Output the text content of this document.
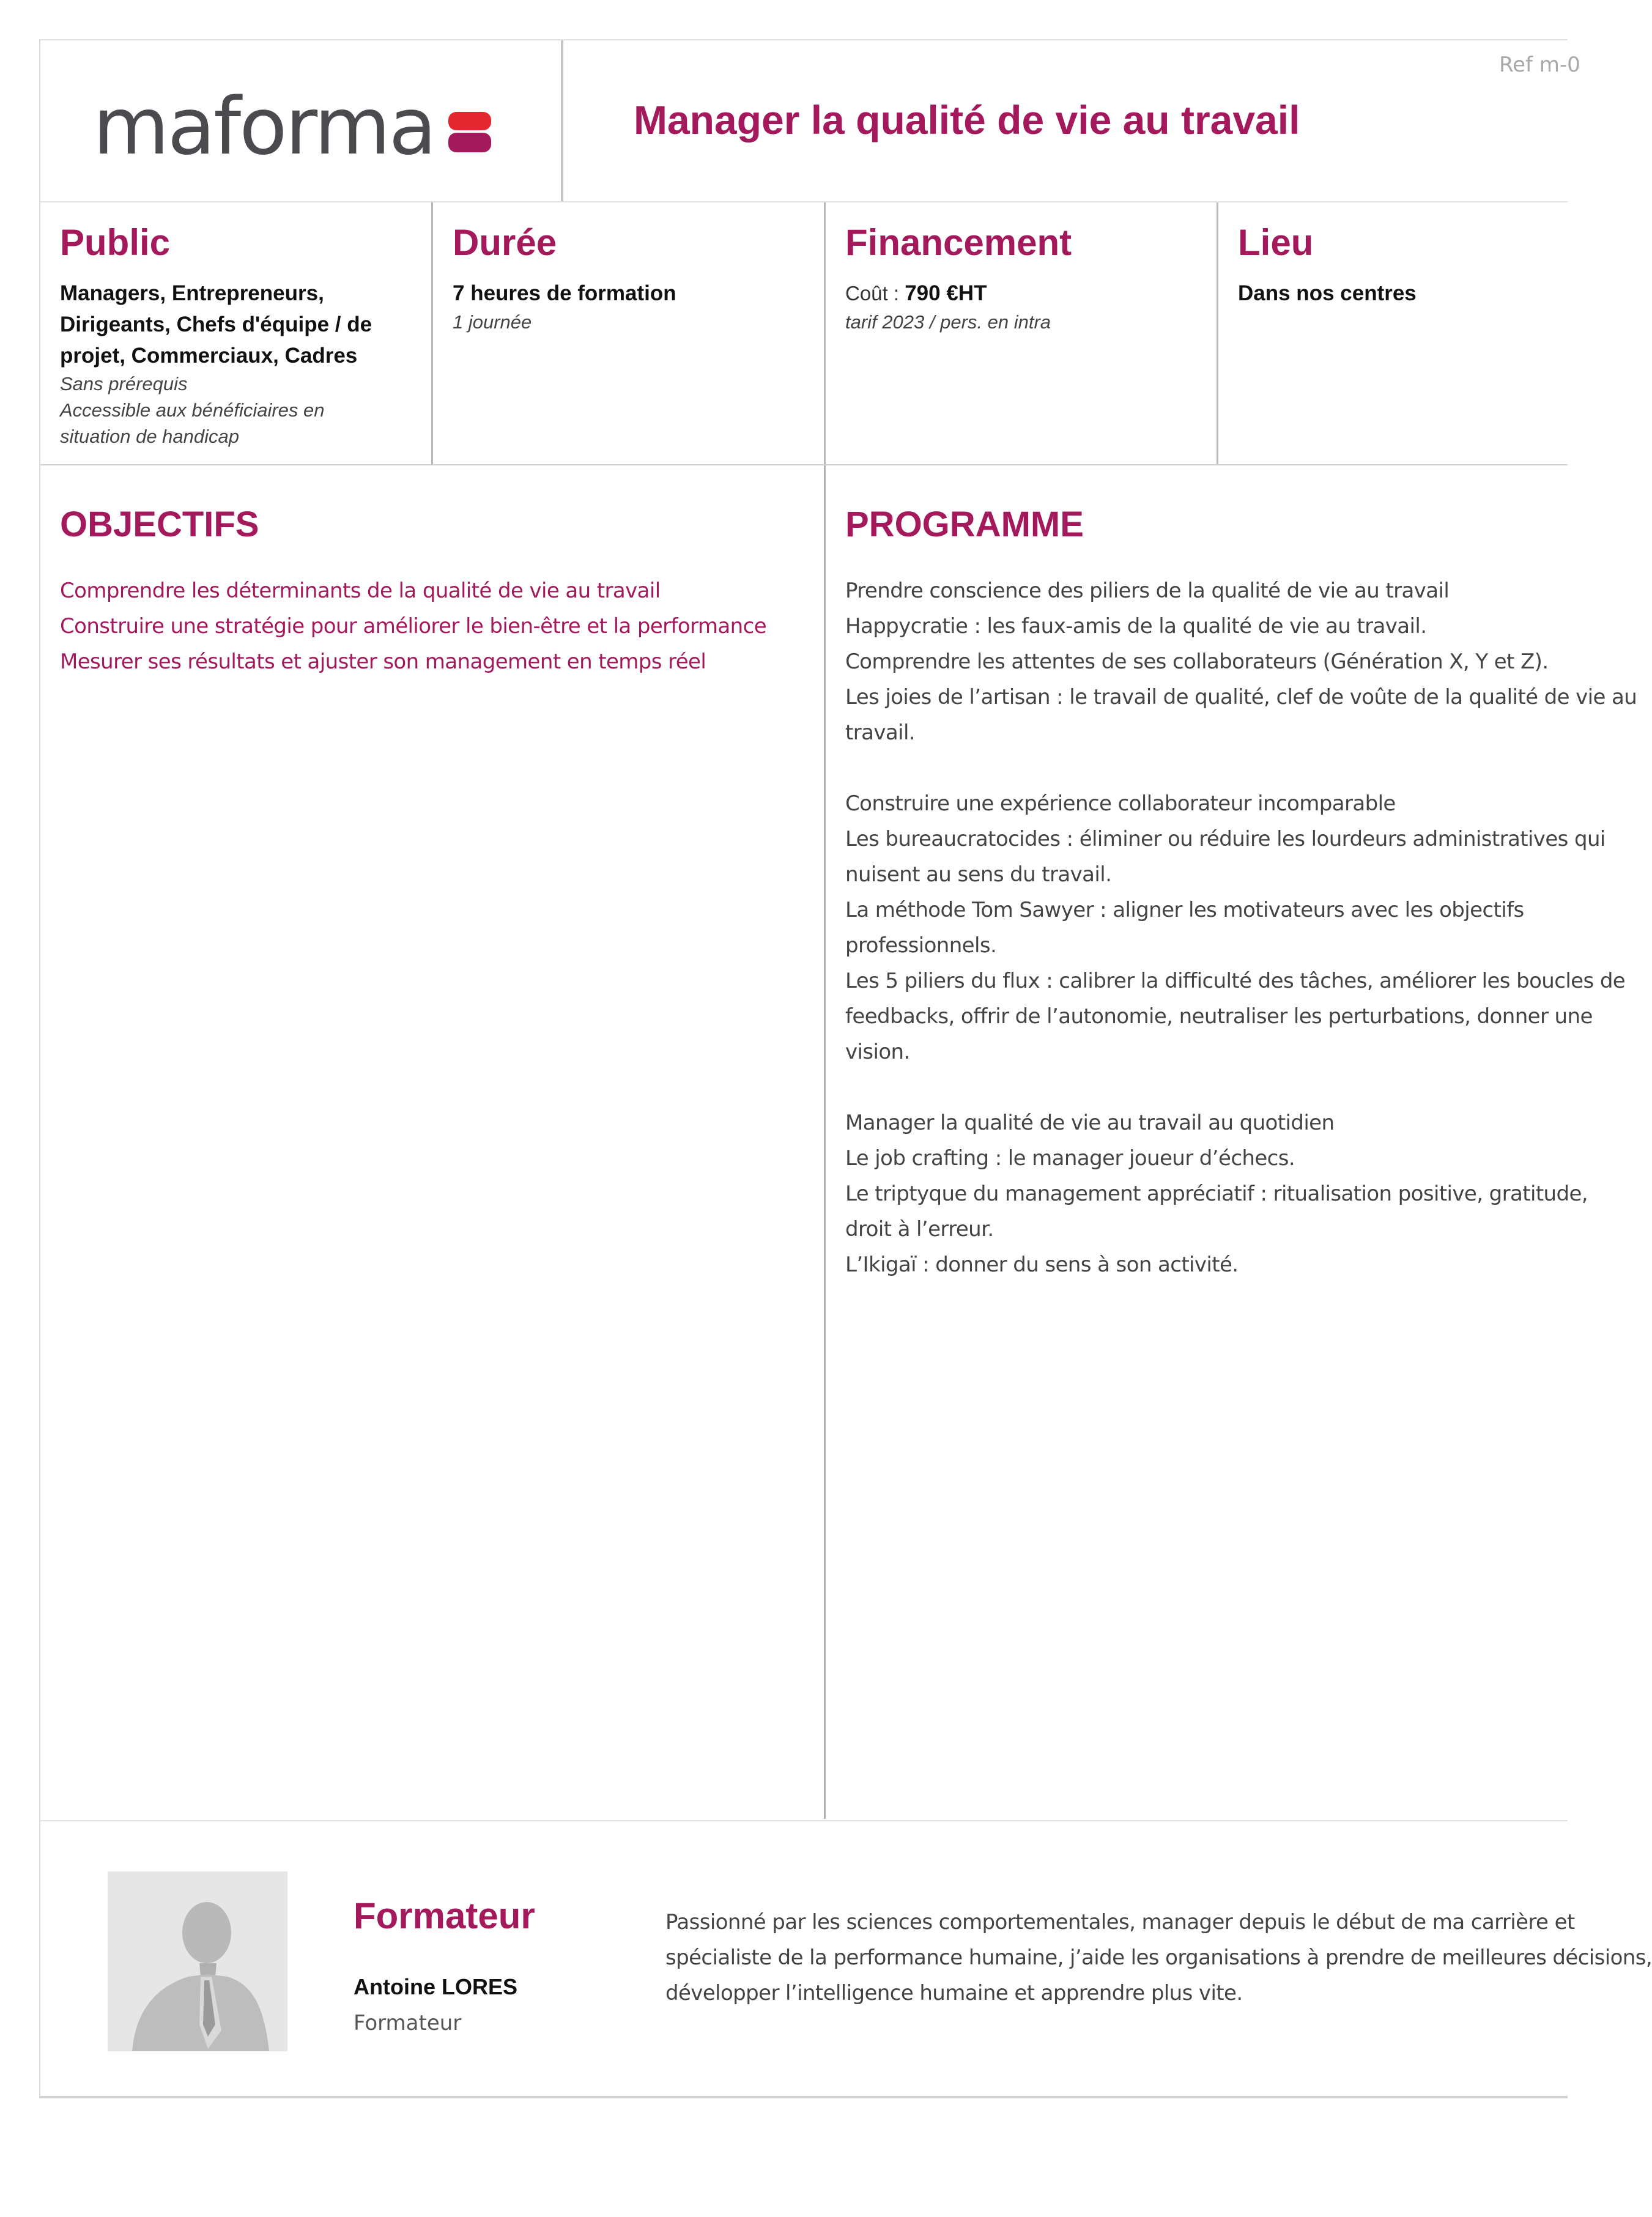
maforma	Manager la qualité de vie au travail
Ref m-0
Public
Managers, Entrepreneurs,
Dirigeants, Chefs d'équipe / de
projet, Commerciaux, Cadres
Sans prérequis
Accessible aux bénéficiaires en
situation de handicap
Durée
7 heures de formation
1 journée
Financement
Coût : 790 €HT
tarif 2023 / pers. en intra
Lieu
Dans nos centres
OBJECTIFS
Comprendre les déterminants de la qualité de vie au travail
Construire une stratégie pour améliorer le bien-être et la performance
Mesurer ses résultats et ajuster son management en temps réel
PROGRAMME
Prendre conscience des piliers de la qualité de vie au travail
Happycratie : les faux-amis de la qualité de vie au travail.
Comprendre les attentes de ses collaborateurs (Génération X, Y et Z).
Les joies de l’artisan : le travail de qualité, clef de voûte de la qualité de vie au
travail.
Construire une expérience collaborateur incomparable
Les bureaucratocides : éliminer ou réduire les lourdeurs administratives qui
nuisent au sens du travail.
La méthode Tom Sawyer : aligner les motivateurs avec les objectifs
professionnels.
Les 5 piliers du flux : calibrer la difficulté des tâches, améliorer les boucles de
feedbacks, offrir de l’autonomie, neutraliser les perturbations, donner une
vision.
Manager la qualité de vie au travail au quotidien
Le job crafting : le manager joueur d’échecs.
Le triptyque du management appréciatif : ritualisation positive, gratitude,
droit à l’erreur.
L’Ikigaï : donner du sens à son activité.
Formateur
Antoine LORES
Formateur
Passionné par les sciences comportementales, manager depuis le début de ma carrière et
spécialiste de la performance humaine, j’aide les organisations à prendre de meilleures décisions,
développer l’intelligence humaine et apprendre plus vite.
